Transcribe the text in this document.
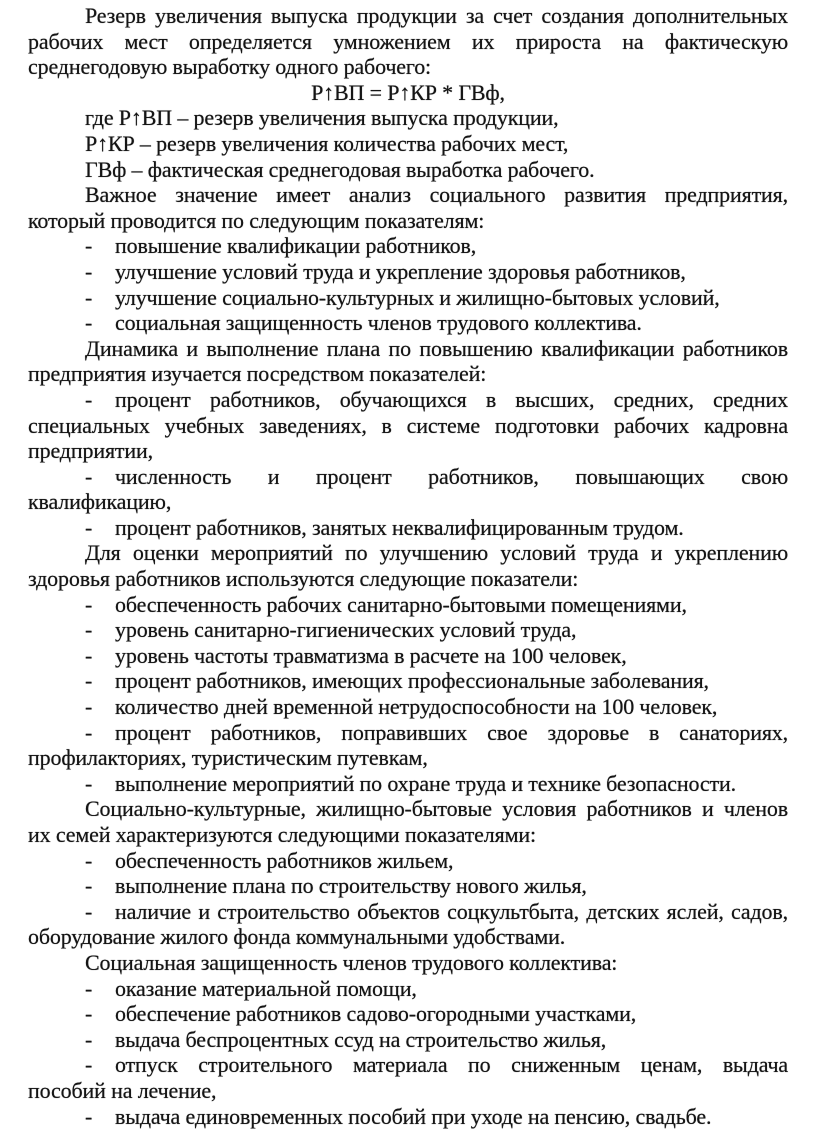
Резерв увеличения выпуска продукции за счет создания дополнительных
рабочих мест определяется умножением их прироста на фактическую
среднегодовую выработку одного рабочего:
Р↑ВП = Р↑КР * ГВф,
где Р↑ВП – резерв увеличения выпуска продукции,
Р↑КР – резерв увеличения количества рабочих мест,
ГВф – фактическая среднегодовая выработка рабочего.
Важное значение имеет анализ социального развития предприятия,
который проводится по следующим показателям:
- повышение квалификации работников,
- улучшение условий труда и укрепление здоровья работников,
- улучшение социально-культурных и жилищно-бытовых условий,
- социальная защищенность членов трудового коллектива.
Динамика и выполнение плана по повышению квалификации работников
предприятия изучается посредством показателей:
- процент работников, обучающихся в высших, средних, средних
специальных учебных заведениях, в системе подготовки рабочих кадровна
предприятии,
- численность и процент работников, повышающих свою
квалификацию,
- процент работников, занятых неквалифицированным трудом.
Для оценки мероприятий по улучшению условий труда и укреплению
здоровья работников используются следующие показатели:
- обеспеченность рабочих санитарно-бытовыми помещениями,
- уровень санитарно-гигиенических условий труда,
- уровень частоты травматизма в расчете на 100 человек,
- процент работников, имеющих профессиональные заболевания,
- количество дней временной нетрудоспособности на 100 человек,
- процент работников, поправивших свое здоровье в санаториях,
профилакториях, туристическим путевкам,
- выполнение мероприятий по охране труда и технике безопасности.
Социально-культурные, жилищно-бытовые условия работников и членов
их семей характеризуются следующими показателями:
- обеспеченность работников жильем,
- выполнение плана по строительству нового жилья,
- наличие и строительство объектов соцкультбыта, детских яслей, садов,
оборудование жилого фонда коммунальными удобствами.
Социальная защищенность членов трудового коллектива:
- оказание материальной помощи,
- обеспечение работников садово-огородными участками,
- выдача беспроцентных ссуд на строительство жилья,
- отпуск строительного материала по сниженным ценам, выдача
пособий на лечение,
- выдача единовременных пособий при уходе на пенсию, свадьбе.
